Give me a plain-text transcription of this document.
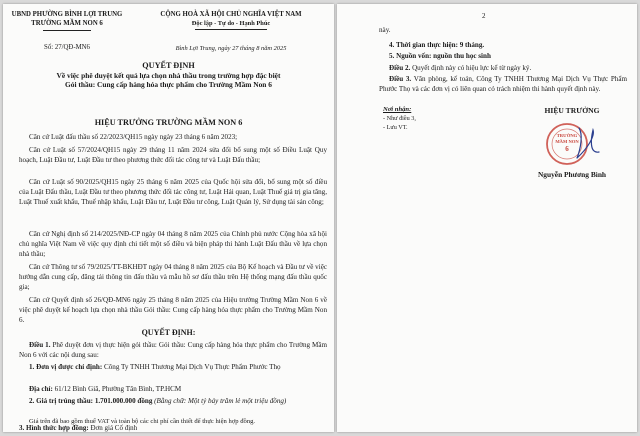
UBND PHƯỜNG BÌNH LỢI TRUNG
TRƯỜNG MẦM NON 6
Số: 27/QĐ-MN6
CỘNG HOÀ XÃ HỘI CHỦ NGHĨA VIỆT NAM
Độc lập - Tự do - Hạnh Phúc
Bình Lợi Trung, ngày 27 tháng 8 năm 2025
QUYẾT ĐỊNH
Về việc phê duyệt kết quả lựa chọn nhà thầu trong trường hợp đặc biệt
Gói thầu: Cung cấp hàng hóa thực phẩm cho Trường Mầm Non 6
HIỆU TRƯỞNG TRƯỜNG MẦM NON 6

Căn cứ Luật đấu thầu số 22/2023/QH15 ngày ngày 23 tháng 6 năm 2023;

Căn cứ Luật số 57/2024/QH15 ngày 29 tháng 11 năm 2024 sửa đổi bổ sung một số Điều Luật Quy hoạch, Luật Đầu tư, Luật Đầu tư theo phương thức đối tác công tư và Luật Đấu thầu;

Căn cứ Luật số 90/2025/QH15 ngày 25 tháng 6 năm 2025 của Quốc hội sửa đổi, bổ sung một số điều của Luật Đấu thầu, Luật Đầu tư theo phương thức đối tác công tư, Luật Hải quan, Luật Thuế giá trị gia tăng, Luật Thuế xuất khẩu, Thuế nhập khẩu, Luật Đầu tư, Luật Đầu tư công, Luật Quản lý, Sử dụng tài sản công;

Căn cứ Nghị định số 214/2025/NĐ-CP ngày 04 tháng 8 năm 2025 của Chính phủ nước Cộng hòa xã hội chủ nghĩa Việt Nam về việc quy định chi tiết một số điều và biện pháp thi hành Luật Đấu thầu về lựa chọn nhà thầu;

Căn cứ Thông tư số 79/2025/TT-BKHĐT ngày 04 tháng 8 năm 2025 của Bộ Kế hoạch và Đầu tư về việc hướng dẫn cung cấp, đăng tải thông tin đấu thầu và mẫu hồ sơ đấu thầu trên Hệ thống mạng đấu thầu quốc gia;

Căn cứ Quyết định số 26/QĐ-MN6 ngày 25 tháng 8 năm 2025 của Hiệu trưởng Trường Mầm Non 6 về việc phê duyệt kế hoạch lựa chọn nhà thầu Gói thầu: Cung cấp hàng hóa thực phẩm cho Trường Mầm Non 6.

QUYẾT ĐỊNH:

Điều 1. Phê duyệt đơn vị thực hiện gói thầu: Gói thầu: Cung cấp hàng hóa thực phẩm cho Trường Mầm Non 6 với các nội dung sau:

1. Đơn vị được chỉ định: Công Ty TNHH Thương Mại Dịch Vụ Thực Phẩm Phước Thọ

Địa chỉ: 61/12 Bình Giã, Phường Tân Bình, TP.HCM

2. Giá trị trúng thầu: 1.701.000.000 đồng (Bằng chữ: Một tỷ bảy trăm lẻ một triệu đồng)

Giá trên đã bao gồm thuế VAT và toàn bộ các chi phí cần thiết để thực hiện hợp đồng.

3. Hình thức hợp đồng: Đơn giá Cố định
2
này.
4. Thời gian thực hiện: 9 tháng.
5. Nguồn vốn: nguồn thu học sinh

Điều 2. Quyết định này có hiệu lực kể từ ngày ký.

Điều 3. Văn phòng, kế toán, Công Ty TNHH Thương Mại Dịch Vụ Thực Phẩm Phước Thọ và các đơn vị có liên quan có trách nhiệm thi hành quyết định này.

Nơi nhận:
- Như điều 3,
- Lưu VT.
HIỆU TRƯỞNG
TRƯỜNG
MẦM NON
6
Nguyễn Phương Bình
